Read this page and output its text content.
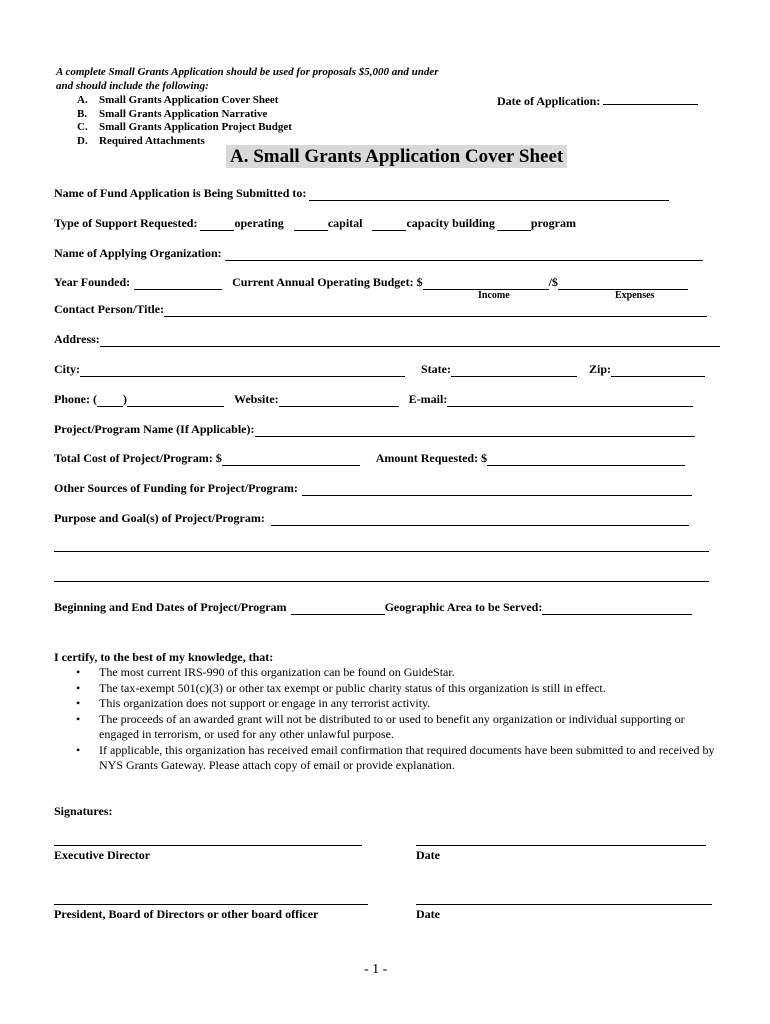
A complete Small Grants Application should be used for proposals $5,000 and under
and should include the following:
A. Small Grants Application Cover Sheet
B. Small Grants Application Narrative
C. Small Grants Application Project Budget
D. Required Attachments
Date of Application:
A. Small Grants Application Cover Sheet
Name of Fund Application is Being Submitted to:
Type of Support Requested:	operating	capital	capacity building	program
Name of Applying Organization:
Year Founded:	Current Annual Operating Budget: $	/$
Income	Expenses
Contact Person/Title:
Address:
City:	State:	Zip:
Phone: ( )	Website:	E-mail:
Project/Program Name (If Applicable):
Total Cost of Project/Program: $	Amount Requested: $
Other Sources of Funding for Project/Program:
Purpose and Goal(s) of Project/Program:
Beginning and End Dates of Project/Program	Geographic Area to be Served:
I certify, to the best of my knowledge, that:
• The most current IRS-990 of this organization can be found on GuideStar.
• The tax-exempt 501(c)(3) or other tax exempt or public charity status of this organization is still in effect.
• This organization does not support or engage in any terrorist activity.
• The proceeds of an awarded grant will not be distributed to or used to benefit any organization or individual supporting or engaged in terrorism, or used for any other unlawful purpose.
• If applicable, this organization has received email confirmation that required documents have been submitted to and received by NYS Grants Gateway. Please attach copy of email or provide explanation.
Signatures:
Executive Director	Date
President, Board of Directors or other board officer	Date
- 1 -
